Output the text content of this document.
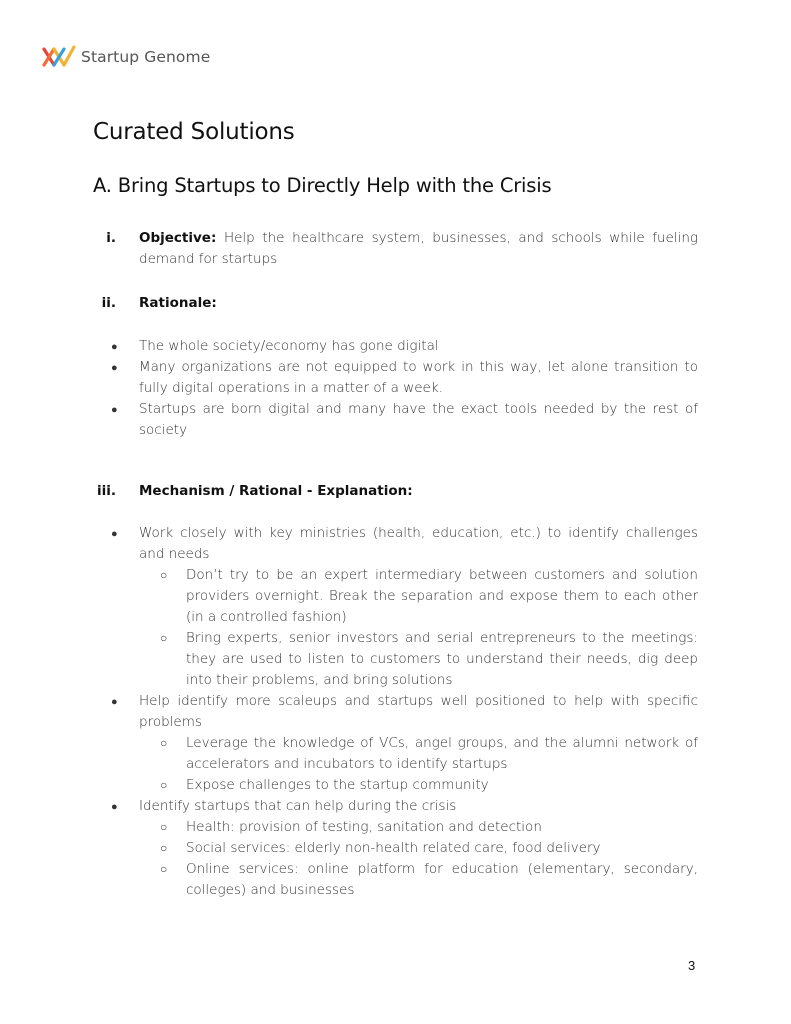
Startup Genome
Curated Solutions
A. Bring Startups to Directly Help with the Crisis
i. Objective: Help the healthcare system, businesses, and schools while fueling demand for startups
ii. Rationale:
● The whole society/economy has gone digital
● Many organizations are not equipped to work in this way, let alone transition to fully digital operations in a matter of a week.
● Startups are born digital and many have the exact tools needed by the rest of society
iii. Mechanism / Rational - Explanation:
● Work closely with key ministries (health, education, etc.) to identify challenges and needs
○ Don’t try to be an expert intermediary between customers and solution providers overnight. Break the separation and expose them to each other (in a controlled fashion)
○ Bring experts, senior investors and serial entrepreneurs to the meetings: they are used to listen to customers to understand their needs, dig deep into their problems, and bring solutions
● Help identify more scaleups and startups well positioned to help with specific problems
○ Leverage the knowledge of VCs, angel groups, and the alumni network of accelerators and incubators to identify startups
○ Expose challenges to the startup community
● Identify startups that can help during the crisis
○ Health: provision of testing, sanitation and detection
○ Social services: elderly non-health related care, food delivery
○ Online services: online platform for education (elementary, secondary, colleges) and businesses
3
